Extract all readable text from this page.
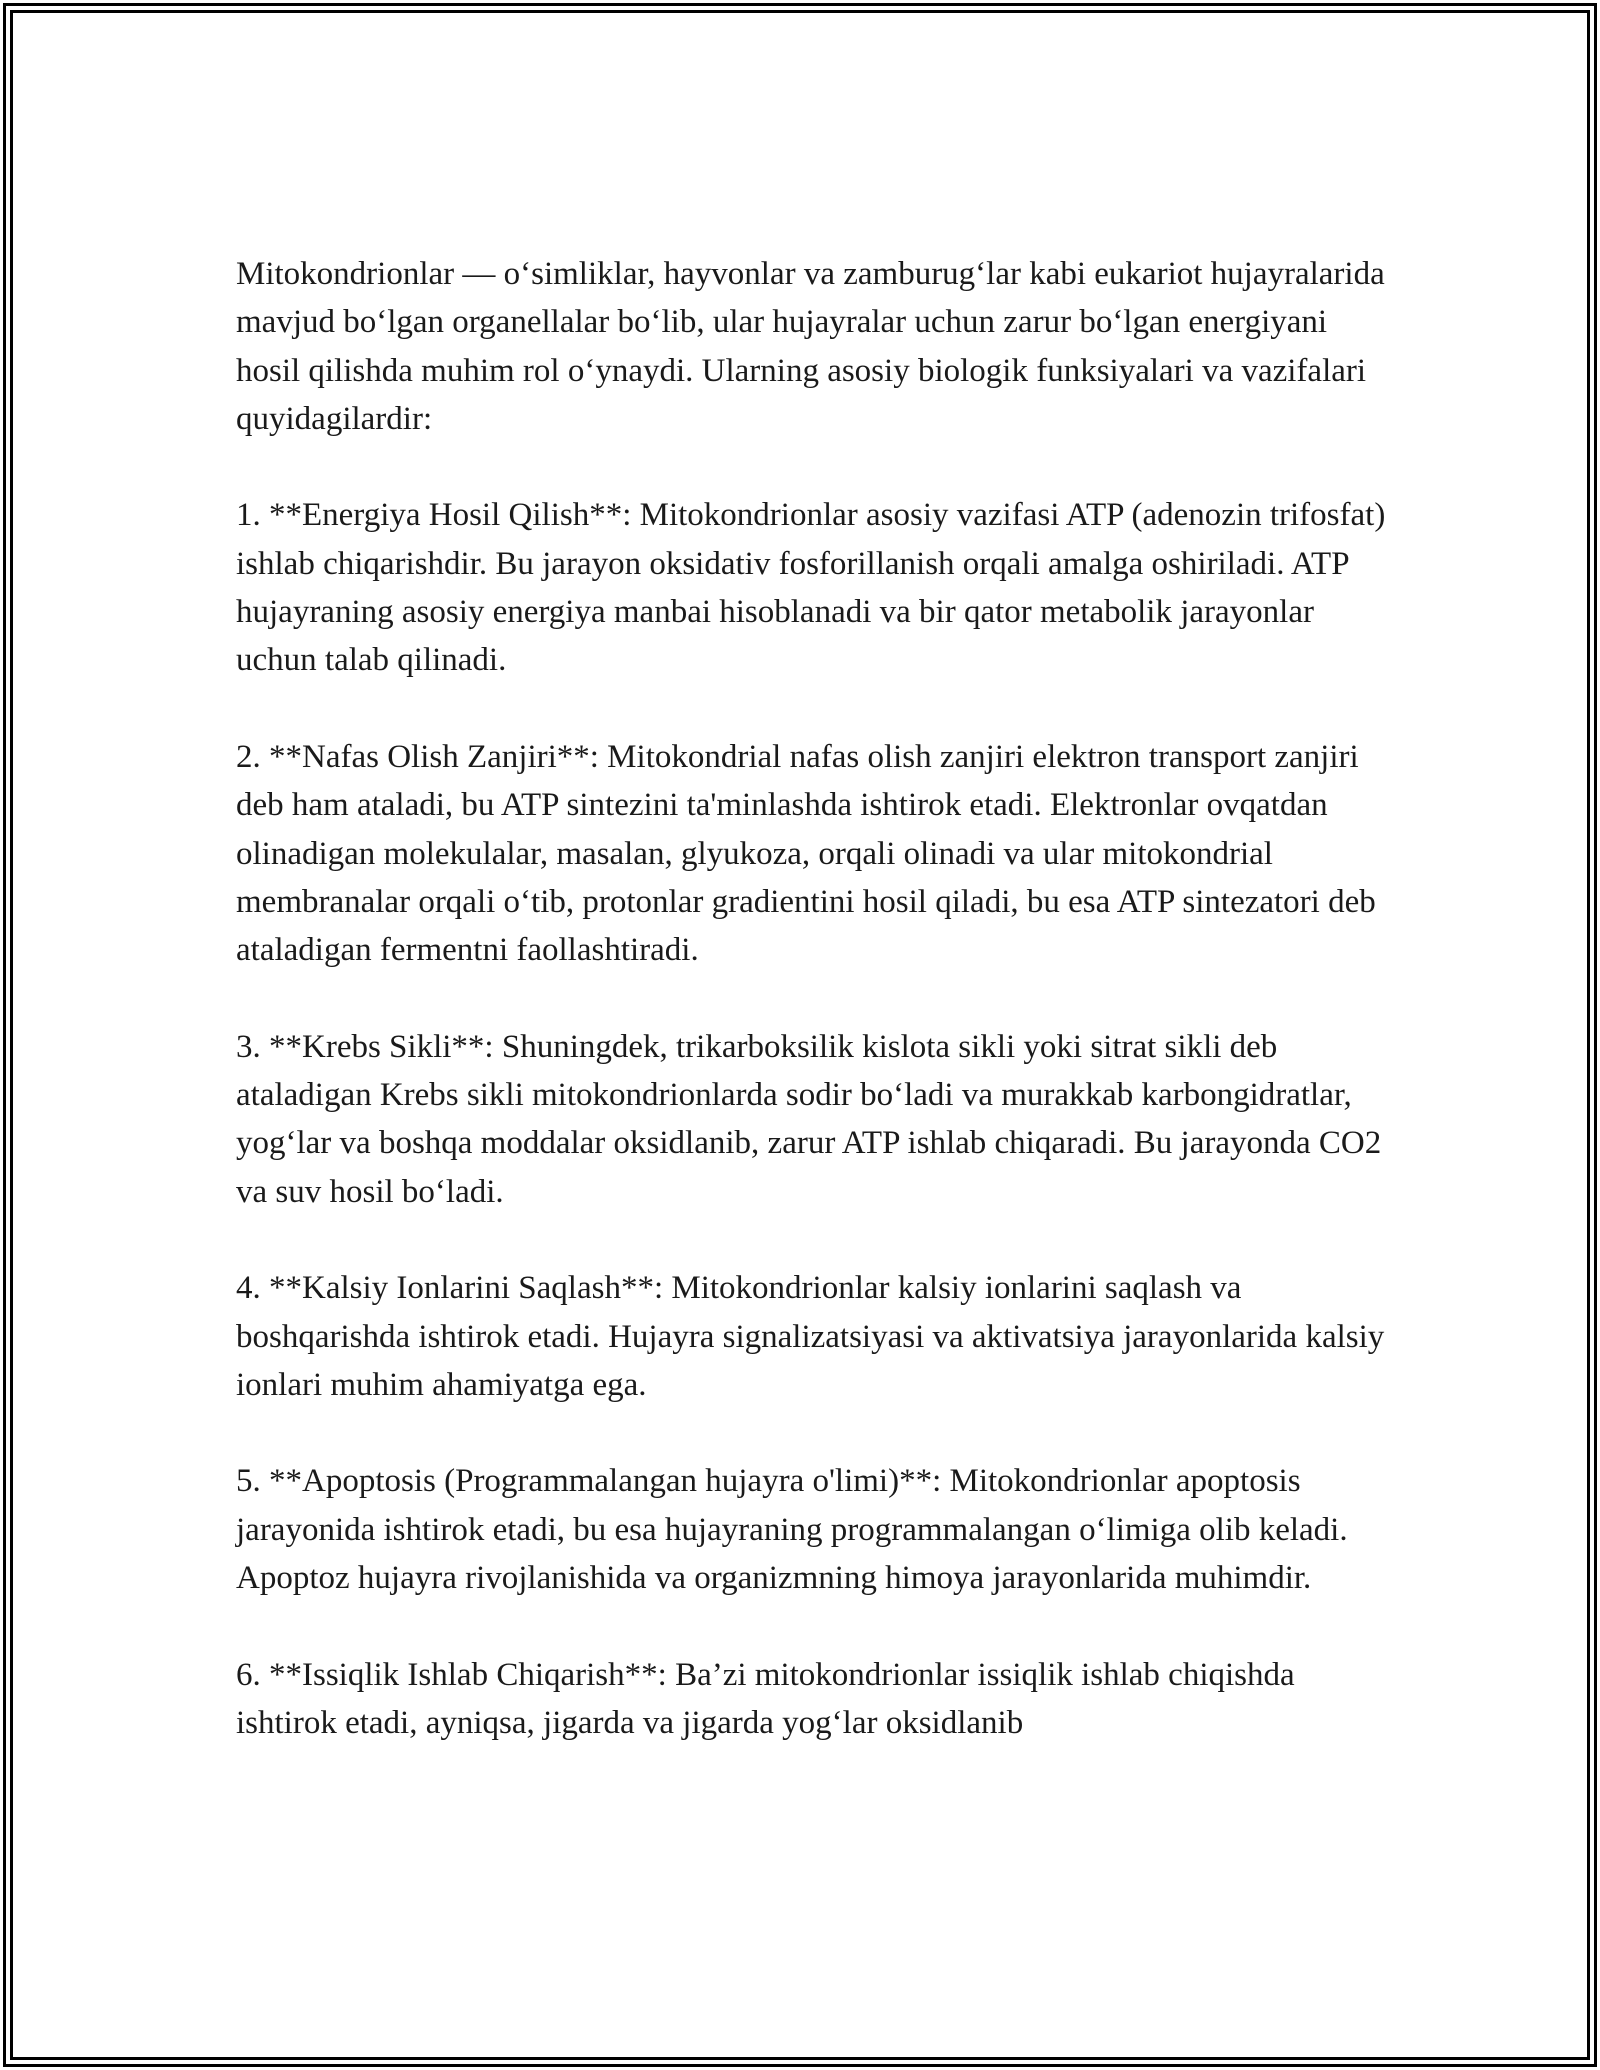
Mitokondrionlar — o‘simliklar, hayvonlar va zamburug‘lar kabi eukariot hujayralarida mavjud bo‘lgan organellalar bo‘lib, ular hujayralar uchun zarur bo‘lgan energiyani hosil qilishda muhim rol o‘ynaydi. Ularning asosiy biologik funksiyalari va vazifalari quyidagilardir:

1. **Energiya Hosil Qilish**: Mitokondrionlar asosiy vazifasi ATP (adenozin trifosfat) ishlab chiqarishdir. Bu jarayon oksidativ fosforillanish orqali amalga oshiriladi. ATP hujayraning asosiy energiya manbai hisoblanadi va bir qator metabolik jarayonlar uchun talab qilinadi.

2. **Nafas Olish Zanjiri**: Mitokondrial nafas olish zanjiri elektron transport zanjiri deb ham ataladi, bu ATP sintezini ta'minlashda ishtirok etadi. Elektronlar ovqatdan olinadigan molekulalar, masalan, glyukoza, orqali olinadi va ular mitokondrial membranalar orqali o‘tib, protonlar gradientini hosil qiladi, bu esa ATP sintezatori deb ataladigan fermentni faollashtiradi.

3. **Krebs Sikli**: Shuningdek, trikarboksilik kislota sikli yoki sitrat sikli deb ataladigan Krebs sikli mitokondrionlarda sodir bo‘ladi va murakkab karbongidratlar, yog‘lar va boshqa moddalar oksidlanib, zarur ATP ishlab chiqaradi. Bu jarayonda CO2 va suv hosil bo‘ladi.

4. **Kalsiy Ionlarini Saqlash**: Mitokondrionlar kalsiy ionlarini saqlash va boshqarishda ishtirok etadi. Hujayra signalizatsiyasi va aktivatsiya jarayonlarida kalsiy ionlari muhim ahamiyatga ega.

5. **Apoptosis (Programmalangan hujayra o'limi)**: Mitokondrionlar apoptosis jarayonida ishtirok etadi, bu esa hujayraning programmalangan o‘limiga olib keladi. Apoptoz hujayra rivojlanishida va organizmning himoya jarayonlarida muhimdir.

6. **Issiqlik Ishlab Chiqarish**: Ba’zi mitokondrionlar issiqlik ishlab chiqishda ishtirok etadi, ayniqsa, jigarda va jigarda yog‘lar oksidlanib
